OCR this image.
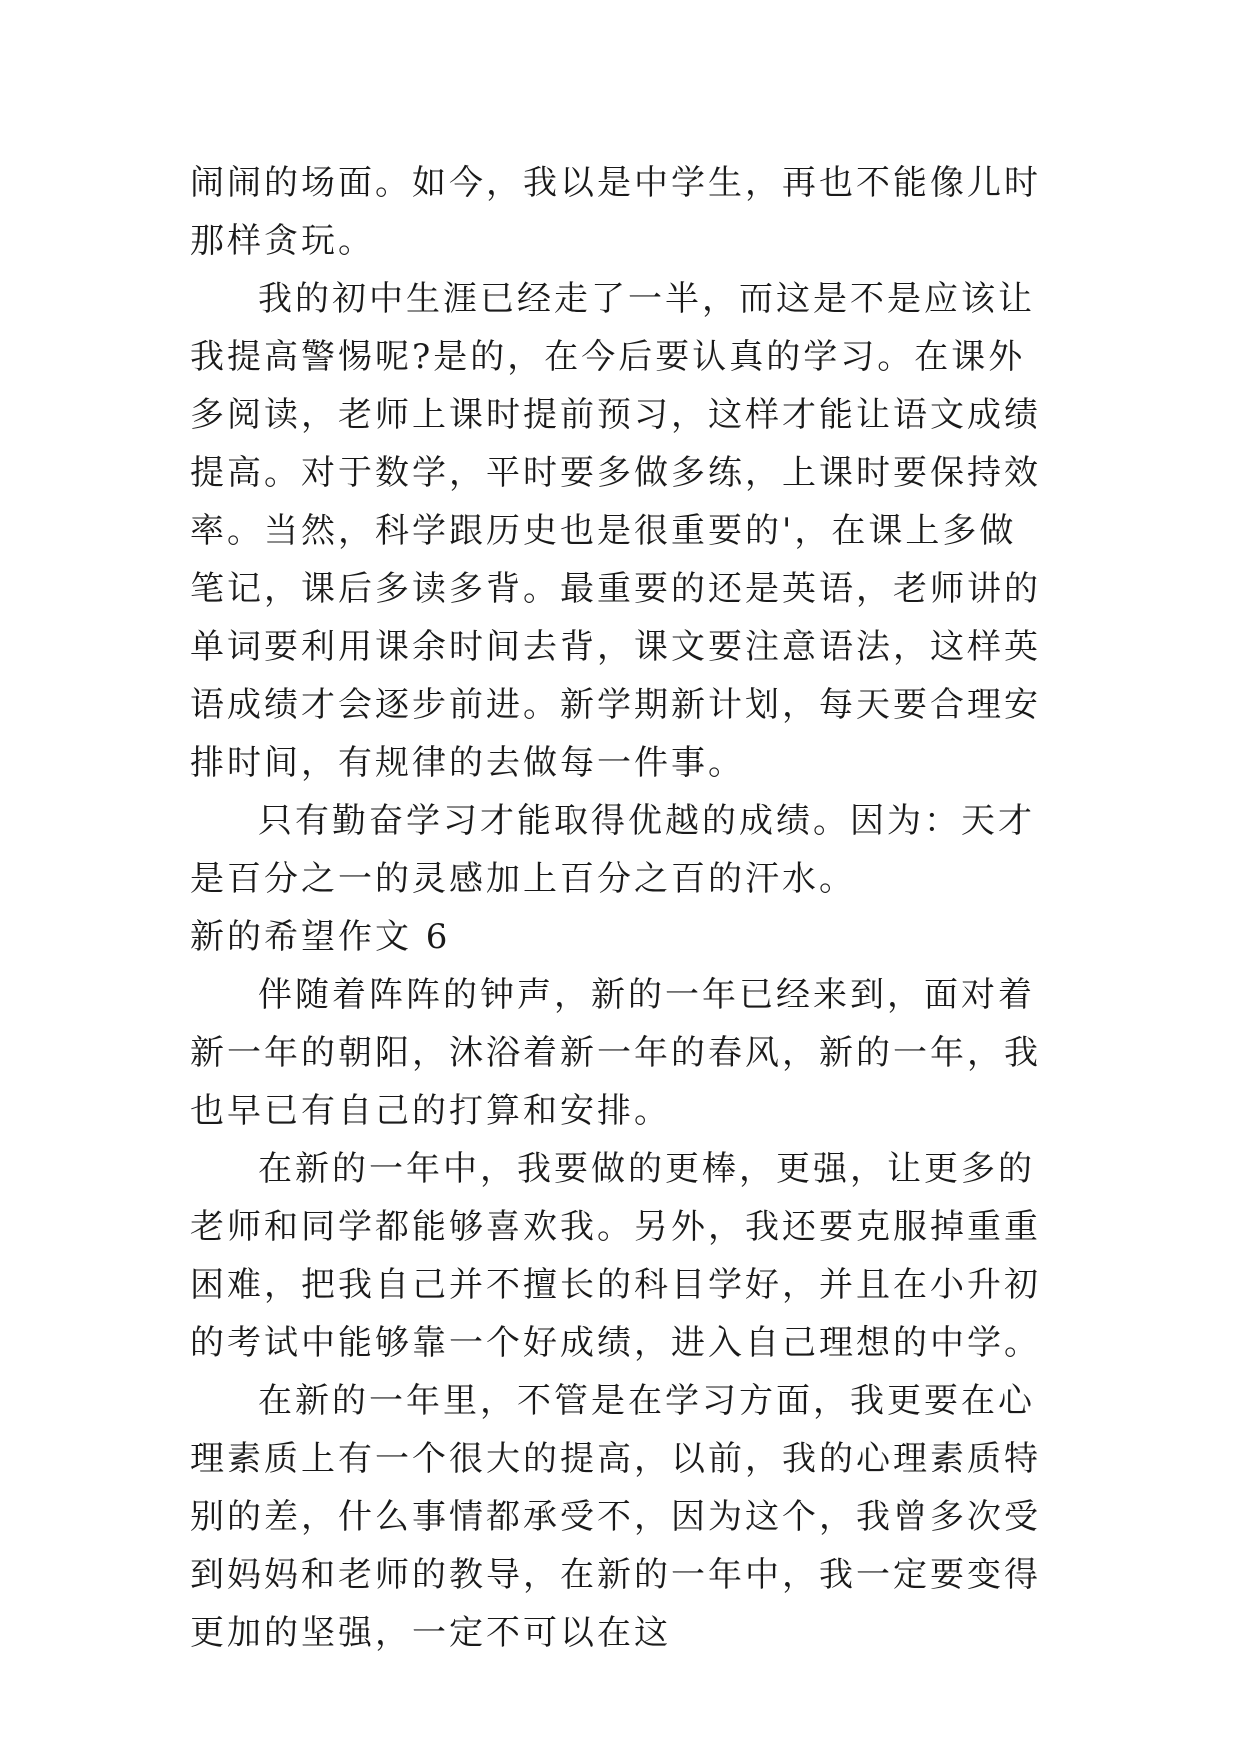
闹闹的场面。如今，我以是中学生，再也不能像儿时那样贪玩。

我的初中生涯已经走了一半，而这是不是应该让我提高警惕呢?是的，在今后要认真的学习。在课外多阅读，老师上课时提前预习，这样才能让语文成绩提高。对于数学，平时要多做多练，上课时要保持效率。当然，科学跟历史也是很重要的'，在课上多做笔记，课后多读多背。最重要的还是英语，老师讲的单词要利用课余时间去背，课文要注意语法，这样英语成绩才会逐步前进。新学期新计划，每天要合理安排时间，有规律的去做每一件事。

只有勤奋学习才能取得优越的成绩。因为：天才是百分之一的灵感加上百分之百的汗水。

新的希望作文 6

伴随着阵阵的钟声，新的一年已经来到，面对着新一年的朝阳，沐浴着新一年的春风，新的一年，我也早已有自己的打算和安排。

在新的一年中，我要做的更棒，更强，让更多的老师和同学都能够喜欢我。另外，我还要克服掉重重困难，把我自己并不擅长的科目学好，并且在小升初的考试中能够靠一个好成绩，进入自己理想的中学。

在新的一年里，不管是在学习方面，我更要在心理素质上有一个很大的提高，以前，我的心理素质特别的差，什么事情都承受不，因为这个，我曾多次受到妈妈和老师的教导，在新的一年中，我一定要变得更加的坚强，一定不可以在这
